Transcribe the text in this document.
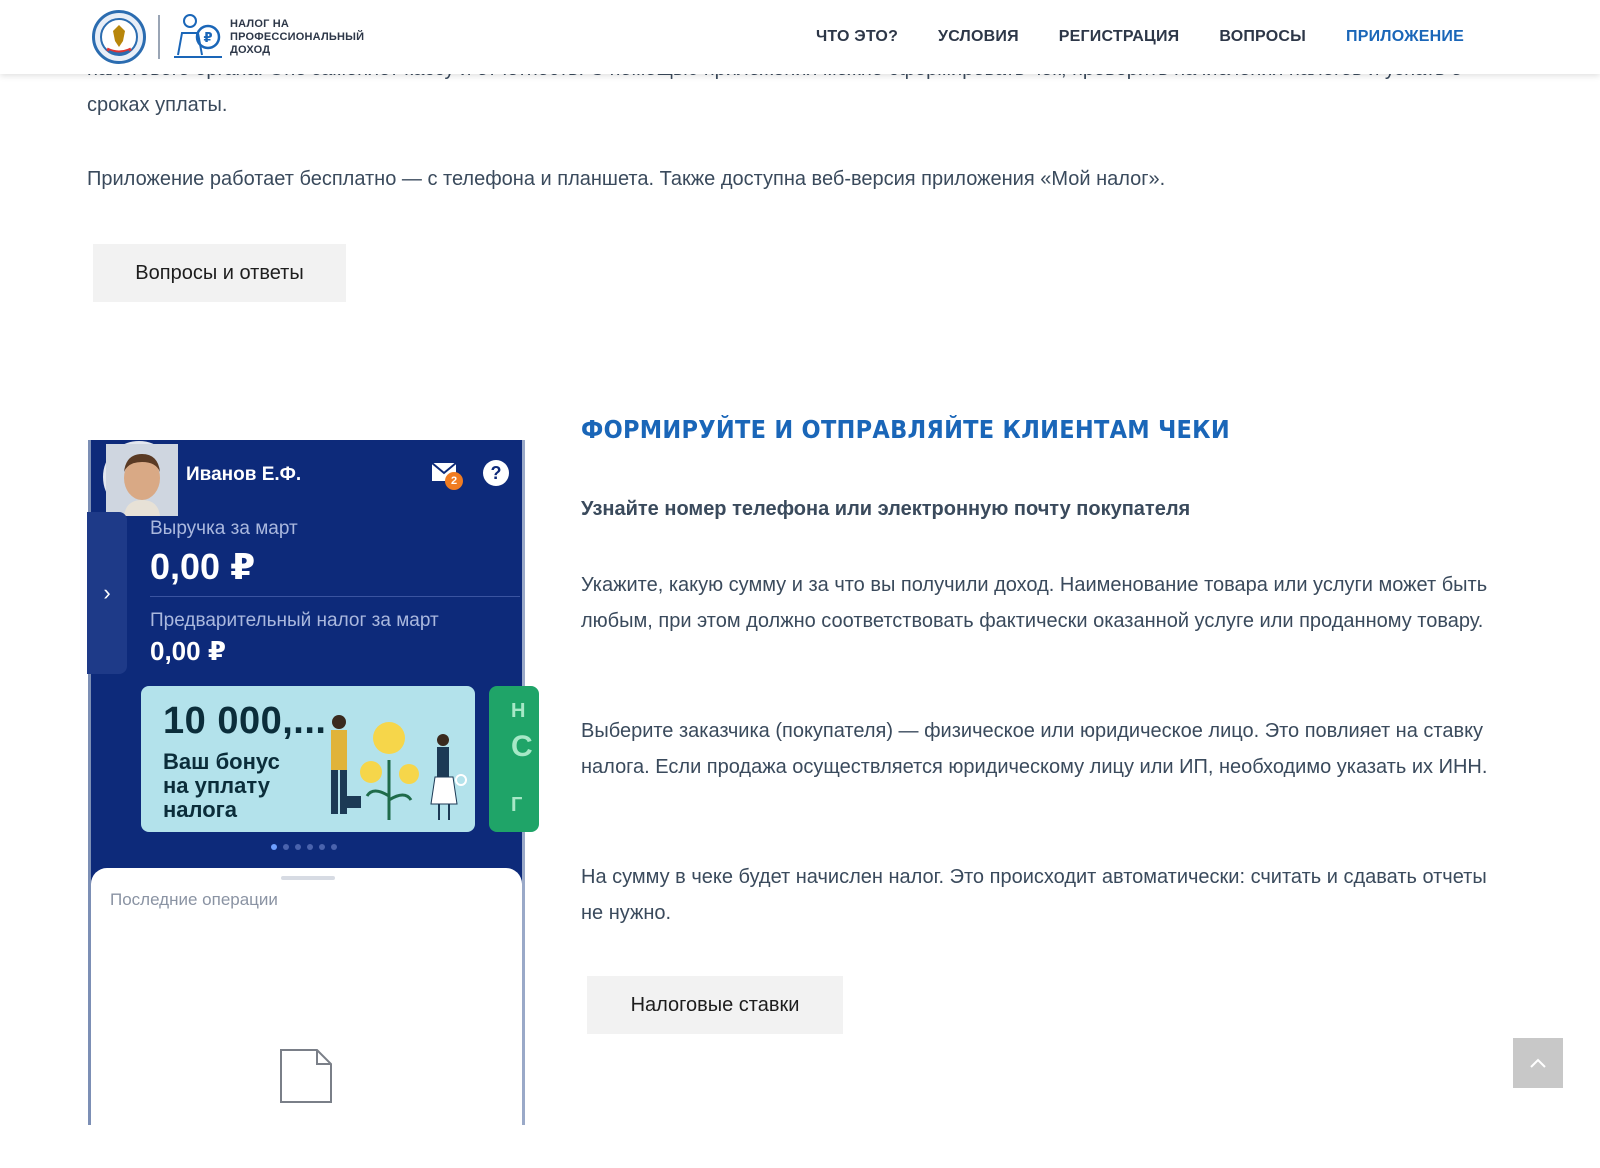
₽
НАЛОГ НА
ПРОФЕССИОНАЛЬНЫЙ
ДОХОД
ЧТО ЭТО?	УСЛОВИЯ	РЕГИСТРАЦИЯ	ВОПРОСЫ	ПРИЛОЖЕНИЕ
сроках уплаты.
Приложение работает бесплатно — с телефона и планшета. Также доступна веб-версия приложения «Мой налог».
Вопросы и ответы
Иванов Е.Ф.	2	?
›
Выручка за март
0,00 ₽
Предварительный налог за март
0,00 ₽
10 000,...
Ваш бонус на уплату налога
Н
С
Г
Последние операции
ФОРМИРУЙТЕ И ОТПРАВЛЯЙТЕ КЛИЕНТАМ ЧЕКИ
Узнайте номер телефона или электронную почту покупателя

Укажите, какую сумму и за что вы получили доход. Наименование товара или услуги может быть любым, при этом должно соответствовать фактически оказанной услуге или проданному товару.

Выберите заказчика (покупателя) — физическое или юридическое лицо. Это повлияет на ставку налога. Если продажа осуществляется юридическому лицу или ИП, необходимо указать их ИНН.

На сумму в чеке будет начислен налог. Это происходит автоматически: считать и сдавать отчеты не нужно.

Налоговые ставки
